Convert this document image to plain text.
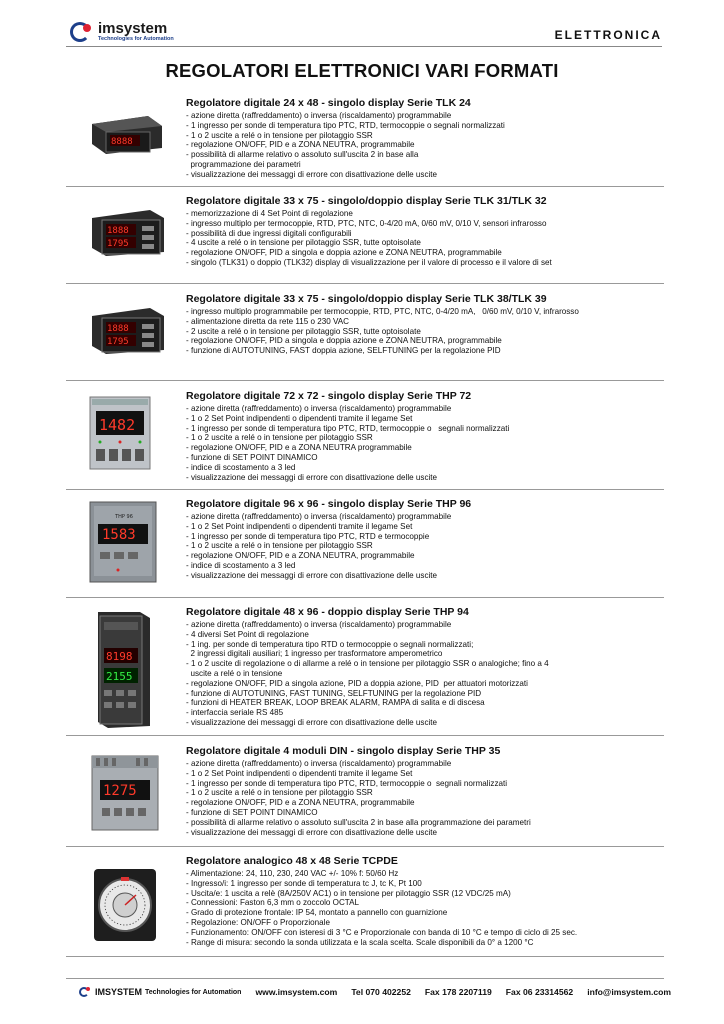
imsystem
Technologies for Automation	ELETTRONICA
REGOLATORI ELETTRONICI VARI FORMATI
8888
Regolatore digitale 24 x 48 - singolo display Serie TLK 24
- azione diretta (raffreddamento) o inversa (riscaldamento) programmabile
- 1 ingresso per sonde di temperatura tipo PTC, RTD, termocoppie o segnali normalizzati
- 1 o 2 uscite a relé o in tensione per pilotaggio SSR
- regolazione ON/OFF, PID e a ZONA NEUTRA, programmabile
- possibilità di allarme relativo o assoluto sull'uscita 2 in base alla
programmazione dei parametri
- visualizzazione dei messaggi di errore con disattivazione delle uscite
1888
1795
Regolatore digitale 33 x 75 - singolo/doppio display Serie TLK 31/TLK 32
- memorizzazione di 4 Set Point di regolazione
- ingresso multiplo per termocoppie, RTD, PTC, NTC, 0-4/20 mA, 0/60 mV, 0/10 V, sensori infrarosso
- possibilità di due ingressi digitali configurabili
- 4 uscite a relé o in tensione per pilotaggio SSR, tutte optoisolate
- regolazione ON/OFF, PID a singola e doppia azione e ZONA NEUTRA, programmabile
- singolo (TLK31) o doppio (TLK32) display di visualizzazione per il valore di processo e il valore di set
1888
1795
Regolatore digitale 33 x 75 - singolo/doppio display Serie TLK 38/TLK 39
- ingresso multiplo programmabile per termocoppie, RTD, PTC, NTC, 0-4/20 mA,   0/60 mV, 0/10 V, infrarosso
- alimentazione diretta da rete 115 o 230 VAC
- 2 uscite a relé o in tensione per pilotaggio SSR, tutte optoisolate
- regolazione ON/OFF, PID a singola e doppia azione e ZONA NEUTRA, programmabile
- funzione di AUTOTUNING, FAST doppia azione, SELFTUNING per la regolazione PID
1482
Regolatore digitale 72 x 72 - singolo display Serie THP 72
- azione diretta (raffreddamento) o inversa (riscaldamento) programmabile
- 1 o 2 Set Point indipendenti o dipendenti tramite il legame Set
- 1 ingresso per sonde di temperatura tipo PTC, RTD, termocoppie o   segnali normalizzati
- 1 o 2 uscite a relé o in tensione per pilotaggio SSR
- regolazione ON/OFF, PID e a ZONA NEUTRA programmabile
- funzione di SET POINT DINAMICO
- indice di scostamento a 3 led
- visualizzazione dei messaggi di errore con disattivazione delle uscite
THP 96
1583
Regolatore digitale 96 x 96 - singolo display Serie THP 96
- azione diretta (raffreddamento) o inversa (riscaldamento) programmabile
- 1 o 2 Set Point indipendenti o dipendenti tramite il legame Set
- 1 ingresso per sonde di temperatura tipo PTC, RTD e termocoppie
- 1 o 2 uscite a relé o in tensione per pilotaggio SSR
- regolazione ON/OFF, PID e a ZONA NEUTRA, programmabile
- indice di scostamento a 3 led
- visualizzazione dei messaggi di errore con disattivazione delle uscite
8198
2155
Regolatore digitale 48 x 96 - doppio display Serie THP 94
- azione diretta (raffreddamento) o inversa (riscaldamento) programmabile
- 4 diversi Set Point di regolazione
- 1 ing. per sonde di temperatura tipo RTD o termocoppie o segnali normalizzati;
2 ingressi digitali ausiliari; 1 ingresso per trasformatore amperometrico
- 1 o 2 uscite di regolazione o di allarme a relé o in tensione per pilotaggio SSR o analogiche; fino a 4
uscite a relé o in tensione
- regolazione ON/OFF, PID a singola azione, PID a doppia azione, PID  per attuatori motorizzati
- funzione di AUTOTUNING, FAST TUNING, SELFTUNING per la regolazione PID
- funzioni di HEATER BREAK, LOOP BREAK ALARM, RAMPA di salita e di discesa
- interfaccia seriale RS 485
- visualizzazione dei messaggi di errore con disattivazione delle uscite
1275
Regolatore digitale 4 moduli DIN - singolo display Serie THP 35
- azione diretta (raffreddamento) o inversa (riscaldamento) programmabile
- 1 o 2 Set Point indipendenti o dipendenti tramite il legame Set
- 1 ingresso per sonde di temperatura tipo PTC, RTD, termocoppie o  segnali normalizzati
- 1 o 2 uscite a relé o in tensione per pilotaggio SSR
- regolazione ON/OFF, PID e a ZONA NEUTRA, programmabile
- funzione di SET POINT DINAMICO
- possibilità di allarme relativo o assoluto sull'uscita 2 in base alla programmazione dei parametri
- visualizzazione dei messaggi di errore con disattivazione delle uscite
Regolatore analogico 48 x 48 Serie TCPDE
- Alimentazione: 24, 110, 230, 240 VAC +/- 10% f: 50/60 Hz
- Ingresso/i: 1 ingresso per sonde di temperatura tc J, tc K, Pt 100
- Uscita/e: 1 uscita a relè (8A/250V AC1) o in tensione per pilotaggio SSR (12 VDC/25 mA)
- Connessioni: Faston 6,3 mm o zoccolo OCTAL
- Grado di protezione frontale: IP 54, montato a pannello con guarnizione
- Regolazione: ON/OFF o Proporzionale
- Funzionamento: ON/OFF con isteresi di 3 °C e Proporzionale con banda di 10 °C e tempo di ciclo di 25 sec.
- Range di misura: secondo la sonda utilizzata e la scala scelta. Scale disponibili da 0° a 1200 °C
IMSYSTEM Technologies for Automation www.imsystem.com Tel 070 402252 Fax 178 2207119 Fax 06 23314562 info@imsystem.com
